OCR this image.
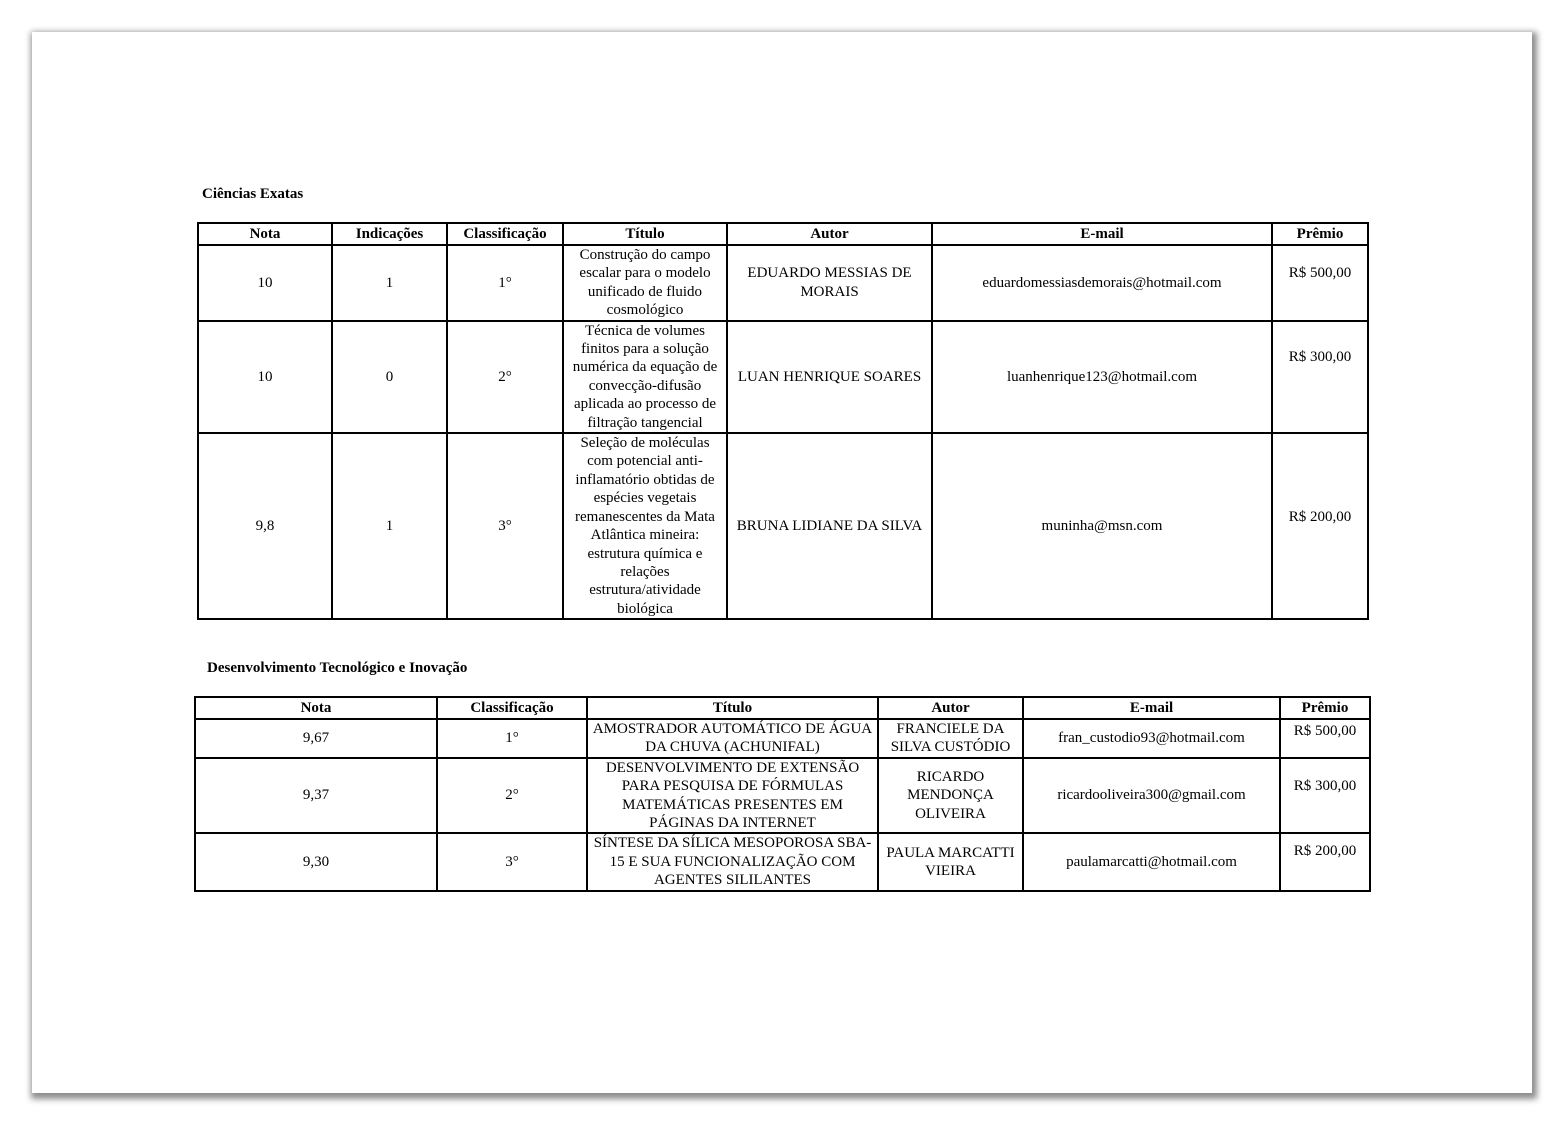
Ciências Exatas
Nota	Indicações	Classificação	Título	Autor	E-mail	Prêmio
10	1	1°	Construção do campo escalar para o modelo unificado de fluido cosmológico	EDUARDO MESSIAS DE MORAIS	eduardomessiasdemorais@hotmail.com	R$ 500,00
10	0	2°	Técnica de volumes finitos para a solução numérica da equação de convecção-difusão aplicada ao processo de filtração tangencial	LUAN HENRIQUE SOARES	luanhenrique123@hotmail.com	R$ 300,00
9,8	1	3°	Seleção de moléculas com potencial anti-inflamatório obtidas de espécies vegetais remanescentes da Mata Atlântica mineira: estrutura química e relações estrutura/atividade biológica	BRUNA LIDIANE DA SILVA	muninha@msn.com	R$ 200,00
Desenvolvimento Tecnológico e Inovação
Nota	Classificação	Título	Autor	E-mail	Prêmio
9,67	1°	AMOSTRADOR AUTOMÁTICO DE ÁGUA DA CHUVA (ACHUNIFAL)	FRANCIELE DA SILVA CUSTÓDIO	fran_custodio93@hotmail.com	R$ 500,00
9,37	2°	DESENVOLVIMENTO DE EXTENSÃO PARA PESQUISA DE FÓRMULAS MATEMÁTICAS PRESENTES EM PÁGINAS DA INTERNET	RICARDO MENDONÇA OLIVEIRA	ricardooliveira300@gmail.com	R$ 300,00
9,30	3°	SÍNTESE DA SÍLICA MESOPOROSA SBA-15 E SUA FUNCIONALIZAÇÃO COM AGENTES SILILANTES	PAULA MARCATTI VIEIRA	paulamarcatti@hotmail.com	R$ 200,00
